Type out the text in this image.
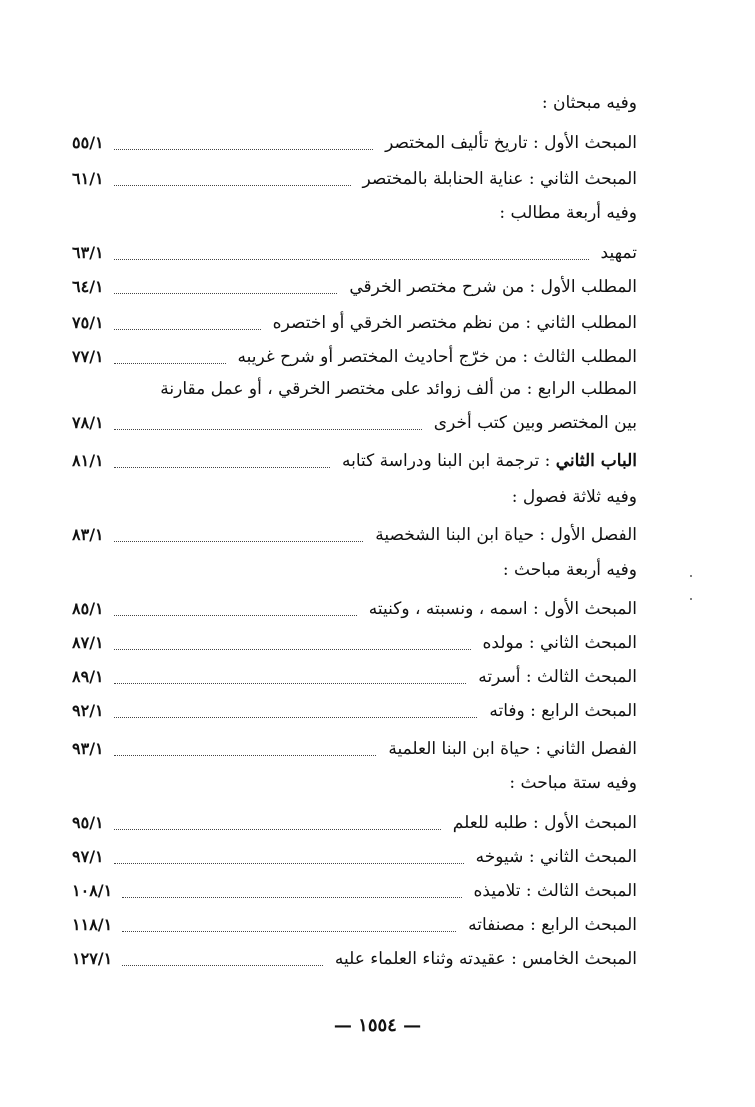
وفيه مبحثان :
المبحث الأول : تاريخ تأليف المختصر
٥٥/١
المبحث الثاني : عناية الحنابلة بالمختصر
٦١/١
وفيه أربعة مطالب :
تمهيد
٦٣/١
المطلب الأول : من شرح مختصر الخرقي
٦٤/١
المطلب الثاني : من نظم مختصر الخرقي أو اختصره
٧٥/١
المطلب الثالث : من خرّج أحاديث المختصر أو شرح غريبه
٧٧/١
المطلب الرابع : من ألف زوائد على مختصر الخرقي ، أو عمل مقارنة
بين المختصر وبين كتب أخرى
٧٨/١
الباب الثاني : ترجمة ابن البنا ودراسة كتابه
٨١/١
وفيه ثلاثة فصول :
الفصل الأول : حياة ابن البنا الشخصية
٨٣/١
وفيه أربعة مباحث :
المبحث الأول : اسمه ، ونسبته ، وكنيته
٨٥/١
المبحث الثاني : مولده
٨٧/١
المبحث الثالث : أسرته
٨٩/١
المبحث الرابع : وفاته
٩٢/١
الفصل الثاني : حياة ابن البنا العلمية
٩٣/١
وفيه ستة مباحث :
المبحث الأول : طلبه للعلم
٩٥/١
المبحث الثاني : شيوخه
٩٧/١
المبحث الثالث : تلاميذه
١٠٨/١
المبحث الرابع : مصنفاته
١١٨/١
المبحث الخامس : عقيدته وثناء العلماء عليه
١٢٧/١
— ١٥٥٤ —
